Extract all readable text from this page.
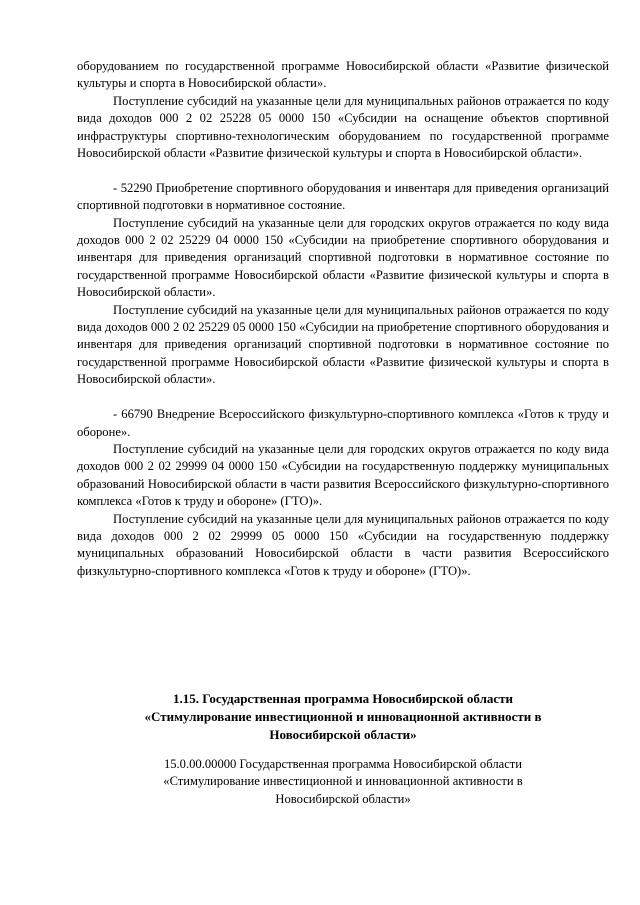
оборудованием по государственной программе Новосибирской области «Развитие физической культуры и спорта в Новосибирской области».

Поступление субсидий на указанные цели для муниципальных районов отражается по коду вида доходов 000 2 02 25228 05 0000 150 «Субсидии на оснащение объектов спортивной инфраструктуры спортивно-технологическим оборудованием по государственной программе Новосибирской области «Развитие физической культуры и спорта в Новосибирской области».

- 52290 Приобретение спортивного оборудования и инвентаря для приведения организаций спортивной подготовки в нормативное состояние.

Поступление субсидий на указанные цели для городских округов отражается по коду вида доходов 000 2 02 25229 04 0000 150 «Субсидии на приобретение спортивного оборудования и инвентаря для приведения организаций спортивной подготовки в нормативное состояние по государственной программе Новосибирской области «Развитие физической культуры и спорта в Новосибирской области».

Поступление субсидий на указанные цели для муниципальных районов отражается по коду вида доходов 000 2 02 25229 05 0000 150 «Субсидии на приобретение спортивного оборудования и инвентаря для приведения организаций спортивной подготовки в нормативное состояние по государственной программе Новосибирской области «Развитие физической культуры и спорта в Новосибирской области».

- 66790 Внедрение Всероссийского физкультурно-спортивного комплекса «Готов к труду и обороне».

Поступление субсидий на указанные цели для городских округов отражается по коду вида доходов 000 2 02 29999 04 0000 150 «Субсидии на государственную поддержку муниципальных образований Новосибирской области в части развития Всероссийского физкультурно-спортивного комплекса «Готов к труду и обороне» (ГТО)».

Поступление субсидий на указанные цели для муниципальных районов отражается по коду вида доходов 000 2 02 29999 05 0000 150 «Субсидии на государственную поддержку муниципальных образований Новосибирской области в части развития Всероссийского физкультурно-спортивного комплекса «Готов к труду и обороне» (ГТО)».

1.15. Государственная программа Новосибирской области

«Стимулирование инвестиционной и инновационной активности в

Новосибирской области»

15.0.00.00000 Государственная программа Новосибирской области

«Стимулирование инвестиционной и инновационной активности в

Новосибирской области»
